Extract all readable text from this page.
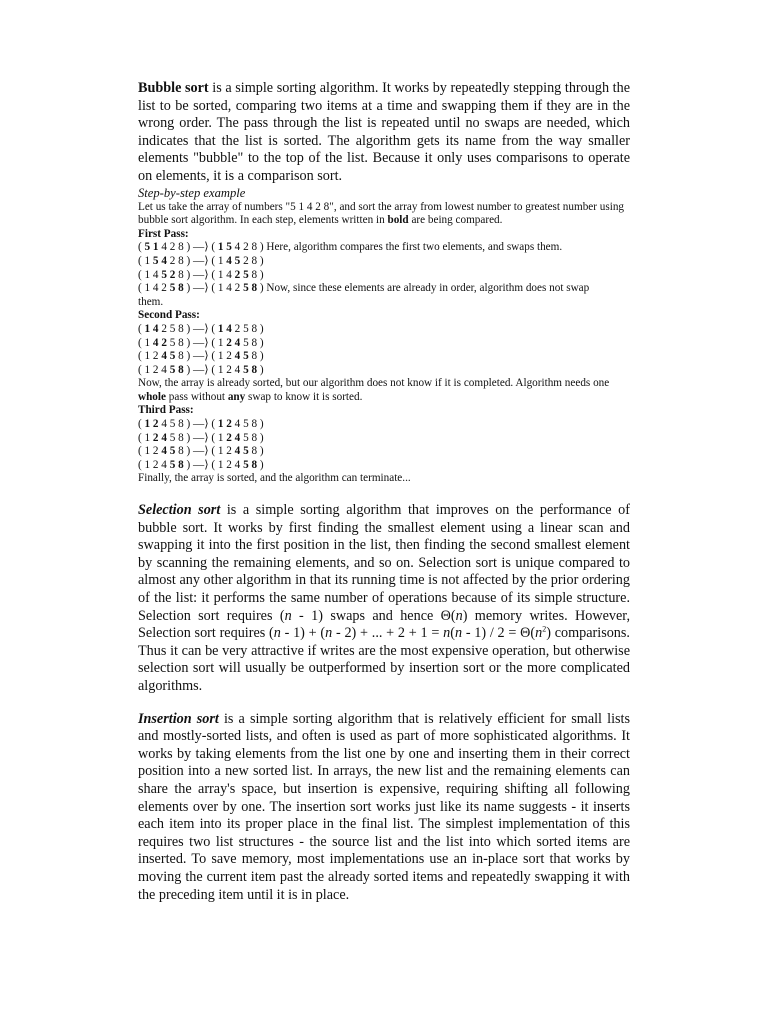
Bubble sort is a simple sorting algorithm. It works by repeatedly stepping through the list to be sorted, comparing two items at a time and swapping them if they are in the wrong order. The pass through the list is repeated until no swaps are needed, which indicates that the list is sorted. The algorithm gets its name from the way smaller elements "bubble" to the top of the list. Because it only uses comparisons to operate on elements, it is a comparison sort.

Step-by-step example

Let us take the array of numbers "5 1 4 2 8", and sort the array from lowest number to greatest number using bubble sort algorithm. In each step, elements written in bold are being compared.

First Pass:

( 5 1 4 2 8 ) —⟩ ( 1 5 4 2 8 ) Here, algorithm compares the first two elements, and swaps them.

( 1 5 4 2 8 ) —⟩ ( 1 4 5 2 8 )

( 1 4 5 2 8 ) —⟩ ( 1 4 2 5 8 )

( 1 4 2 5 8 ) —⟩ ( 1 4 2 5 8 ) Now, since these elements are already in order, algorithm does not swap

them.

Second Pass:

( 1 4 2 5 8 ) —⟩ ( 1 4 2 5 8 )

( 1 4 2 5 8 ) —⟩ ( 1 2 4 5 8 )

( 1 2 4 5 8 ) —⟩ ( 1 2 4 5 8 )

( 1 2 4 5 8 ) —⟩ ( 1 2 4 5 8 )

Now, the array is already sorted, but our algorithm does not know if it is completed. Algorithm needs one whole pass without any swap to know it is sorted.

Third Pass:

( 1 2 4 5 8 ) —⟩ ( 1 2 4 5 8 )

( 1 2 4 5 8 ) —⟩ ( 1 2 4 5 8 )

( 1 2 4 5 8 ) —⟩ ( 1 2 4 5 8 )

( 1 2 4 5 8 ) —⟩ ( 1 2 4 5 8 )

Finally, the array is sorted, and the algorithm can terminate...

Selection sort is a simple sorting algorithm that improves on the performance of bubble sort. It works by first finding the smallest element using a linear scan and swapping it into the first position in the list, then finding the second smallest element by scanning the remaining elements, and so on. Selection sort is unique compared to almost any other algorithm in that its running time is not affected by the prior ordering of the list: it performs the same number of operations because of its simple structure. Selection sort requires (n - 1) swaps and hence Θ(n) memory writes. However, Selection sort requires (n - 1) + (n - 2) + ... + $2 + 1 = n(n - 1) / 2 = \Theta(n^2)$ comparisons. Thus it can be very attractive if writes are the most expensive operation, but otherwise selection sort will usually be outperformed by insertion sort or the more complicated algorithms.

Insertion sort is a simple sorting algorithm that is relatively efficient for small lists and mostly-sorted lists, and often is used as part of more sophisticated algorithms. It works by taking elements from the list one by one and inserting them in their correct position into a new sorted list. In arrays, the new list and the remaining elements can share the array's space, but insertion is expensive, requiring shifting all following elements over by one. The insertion sort works just like its name suggests - it inserts each item into its proper place in the final list. The simplest implementation of this requires two list structures - the source list and the list into which sorted items are inserted. To save memory, most implementations use an in-place sort that works by moving the current item past the already sorted items and repeatedly swapping it with the preceding item until it is in place.
